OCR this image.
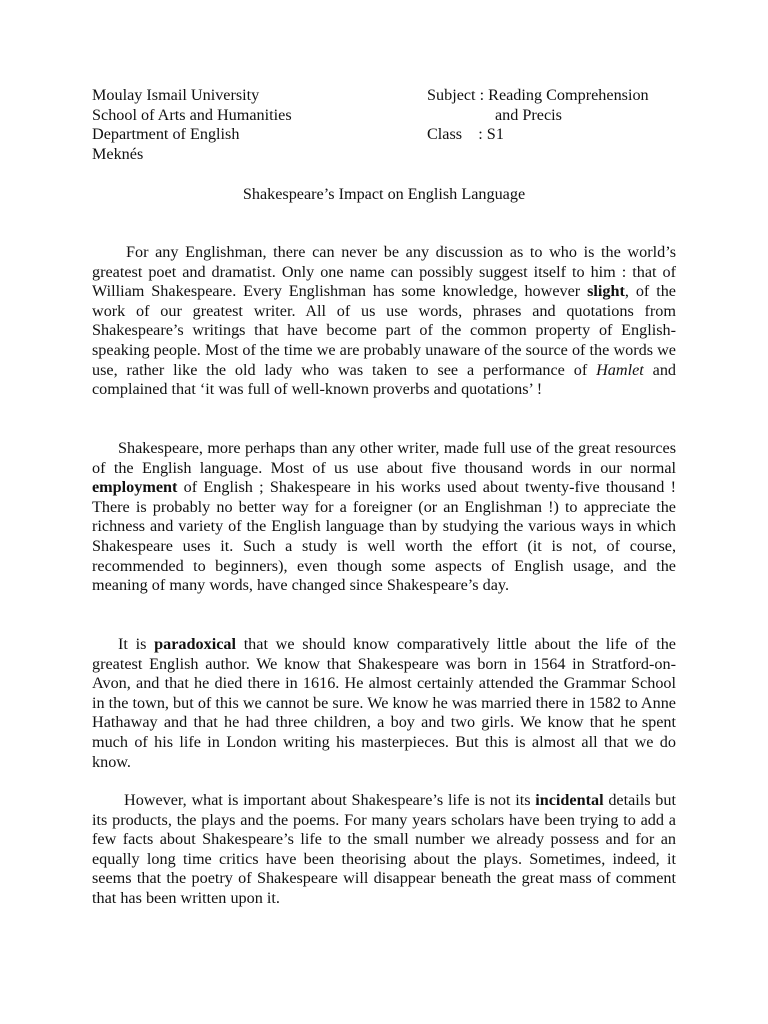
Moulay Ismail University
School of Arts and Humanities
Department of English
Meknés
Subject : Reading Comprehension
and Precis
Class    : S1
Shakespeare’s Impact on English Language

For any Englishman, there can never be any discussion as to who is the world’s greatest poet and dramatist. Only one name can possibly suggest itself to him : that of William Shakespeare. Every Englishman has some knowledge, however slight, of the work of our greatest writer. All of us use words, phrases and quotations from Shakespeare’s writings that have become part of the common property of English-speaking people. Most of the time we are probably unaware of the source of the words we use, rather like the old lady who was taken to see a performance of Hamlet and complained that ‘it was full of well-known proverbs and quotations’ !

Shakespeare, more perhaps than any other writer, made full use of the great resources of the English language. Most of us use about five thousand words in our normal employment of English ; Shakespeare in his works used about twenty-five thousand ! There is probably no better way for a foreigner (or an Englishman !) to appreciate the richness and variety of the English language than by studying the various ways in which Shakespeare uses it. Such a study is well worth the effort (it is not, of course, recommended to beginners), even though some aspects of English usage, and the meaning of many words, have changed since Shakespeare’s day.

It is paradoxical that we should know comparatively little about the life of the greatest English author. We know that Shakespeare was born in 1564 in Stratford-on-Avon, and that he died there in 1616. He almost certainly attended the Grammar School in the town, but of this we cannot be sure. We know he was married there in 1582 to Anne Hathaway and that he had three children, a boy and two girls. We know that he spent much of his life in London writing his masterpieces. But this is almost all that we do know.

However, what is important about Shakespeare’s life is not its incidental details but its products, the plays and the poems. For many years scholars have been trying to add a few facts about Shakespeare’s life to the small number we already possess and for an equally long time critics have been theorising about the plays. Sometimes, indeed, it seems that the poetry of Shakespeare will disappear beneath the great mass of comment that has been written upon it.
